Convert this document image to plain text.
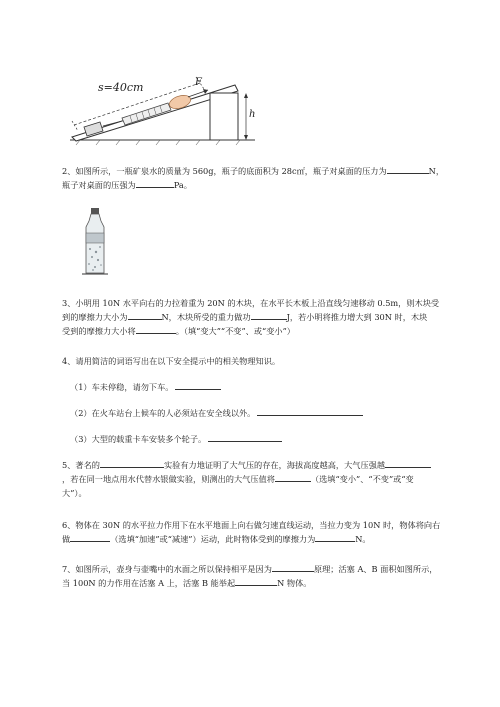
s=40cm	F
h
2、如图所示，一瓶矿泉水的质量为 560g，瓶子的底面积为 28c㎡，瓶子对桌面的压力为	N，
瓶子对桌面的压强为	Pa。
3、小明用 10N 水平向右的力拉着重为 20N 的木块，在水平长木板上沿直线匀速移动 0.5m，则木块受
到的摩擦力大小为	N，木块所受的重力做功	J，若小明将推力增大到 30N 时，木块
受到的摩擦力大小将	。（填“变大”“不变”、或“变小”）
4、请用简洁的词语写出在以下安全提示中的相关物理知识。
（1）车未停稳，请勿下车。
（2）在火车站台上候车的人必须站在安全线以外。
（3）大型的载重卡车安装多个轮子。
5、著名的	实验有力地证明了大气压的存在，海拔高度越高，大气压强越
，若在同一地点用水代替水银做实验，则测出的大气压值将	（选填“变小”、“不变”或“变
大”）。
6、物体在 30N 的水平拉力作用下在水平地面上向右做匀速直线运动，当拉力变为 10N 时，物体将向右
做	（选填“加速”或“减速”）运动，此时物体受到的摩擦力为	N。
7、如图所示，壶身与壶嘴中的水面之所以保持相平是因为	原理；活塞 A、B 面积如图所示，
当 100N 的力作用在活塞 A 上，活塞 B 能举起	N 物体。
